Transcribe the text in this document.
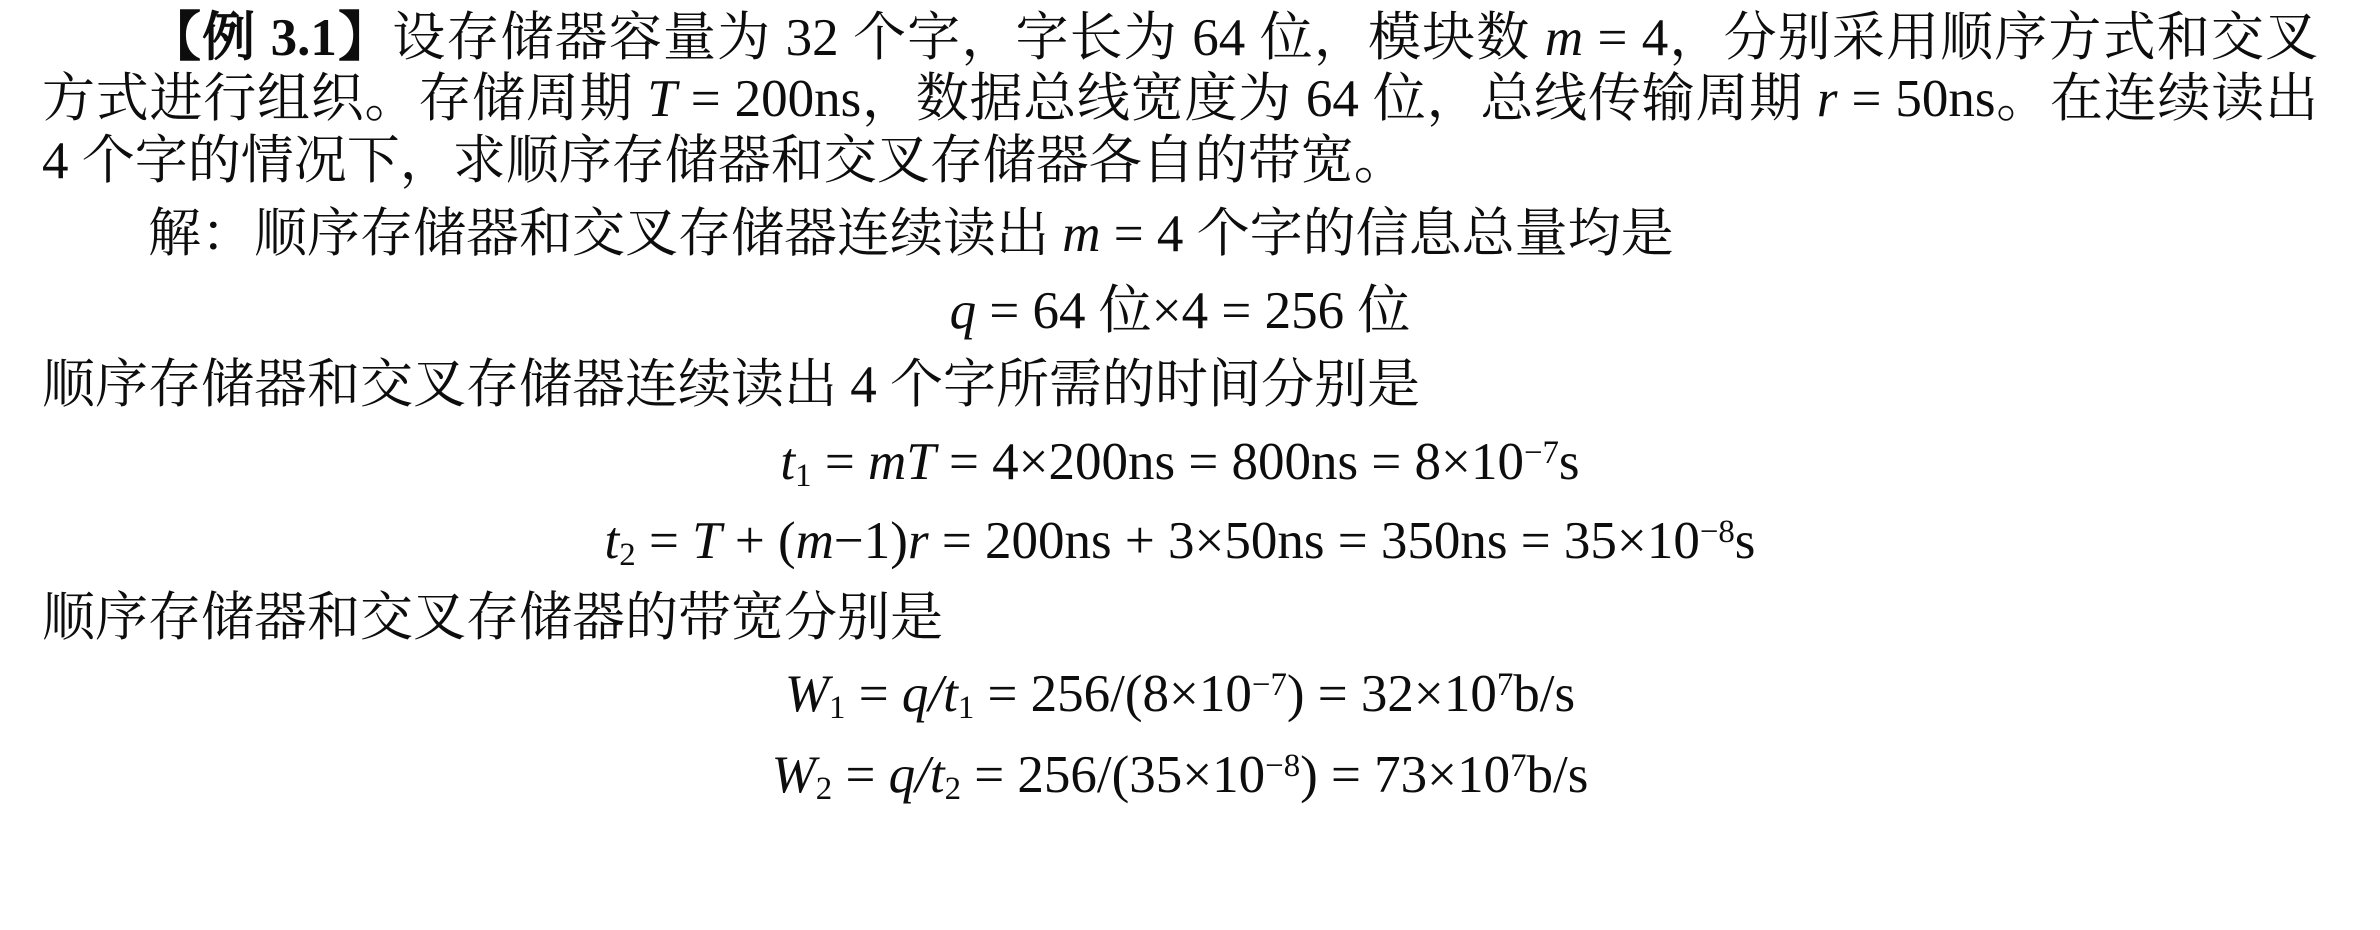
【例 3.1】设存储器容量为 32 个字，字长为 64 位，模块数 m = 4，分别采用顺序方式和交叉方式进行组织。存储周期 T = 200ns，数据总线宽度为 64 位，总线传输周期 r = 50ns。在连续读出 4 个字的情况下，求顺序存储器和交叉存储器各自的带宽。

解：顺序存储器和交叉存储器连续读出 m = 4 个字的信息总量均是

q = 64 位×4 = 256 位

顺序存储器和交叉存储器连续读出 4 个字所需的时间分别是

$t_1$ = mT = $4\times 200ns = 800ns = 8\times 10^{-7}s$

$t_2 = T + (m-1)r = 200ns + 3\times 50ns = 350ns = 35\times 10^{-8}s$

顺序存储器和交叉存储器的带宽分别是

$W_1 = q/t_1 = 256/(8\times 10^{-7}) = 32\times 10^7b/s$

$W_2 = q/t_2 = 256/(35\times 10^{-8}) = 73\times 10^7b/s$
